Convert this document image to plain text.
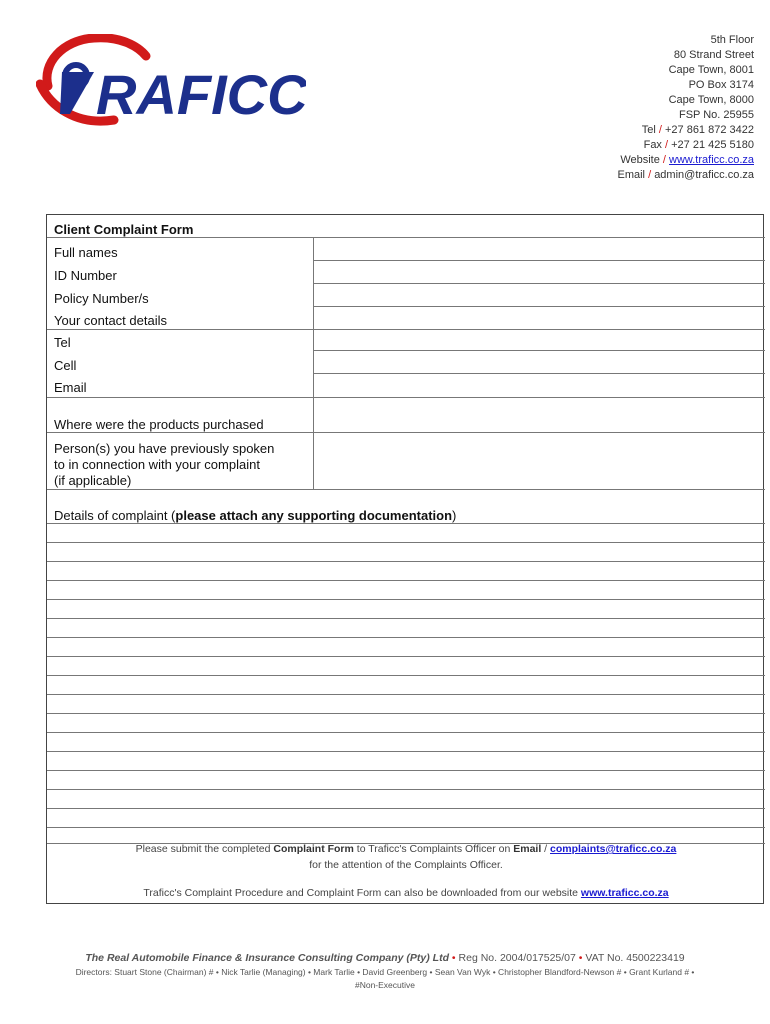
RAFICC
5th Floor
80 Strand Street
Cape Town, 8001
PO Box 3174
Cape Town, 8000
FSP No. 25955
Tel / +27 861 872 3422
Fax / +27 21 425 5180
Website / www.traficc.co.za
Email / admin@traficc.co.za
Client Complaint Form
Full names
ID Number
Policy Number/s
Your contact details
Tel
Cell
Email
Where were the products purchased
Person(s) you have previously spoken
to in connection with your complaint
(if applicable)
Details of complaint (please attach any supporting documentation)
Please submit the completed Complaint Form to Traficc's Complaints Officer on Email / complaints@traficc.co.za
for the attention of the Complaints Officer.
Traficc's Complaint Procedure and Complaint Form can also be downloaded from our website www.traficc.co.za
The Real Automobile Finance & Insurance Consulting Company (Pty) Ltd • Reg No. 2004/017525/07 • VAT No. 4500223419
Directors: Stuart Stone (Chairman) # • Nick Tarlie (Managing) • Mark Tarlie • David Greenberg • Sean Van Wyk • Christopher Blandford-Newson # • Grant Kurland # •
#Non-Executive
